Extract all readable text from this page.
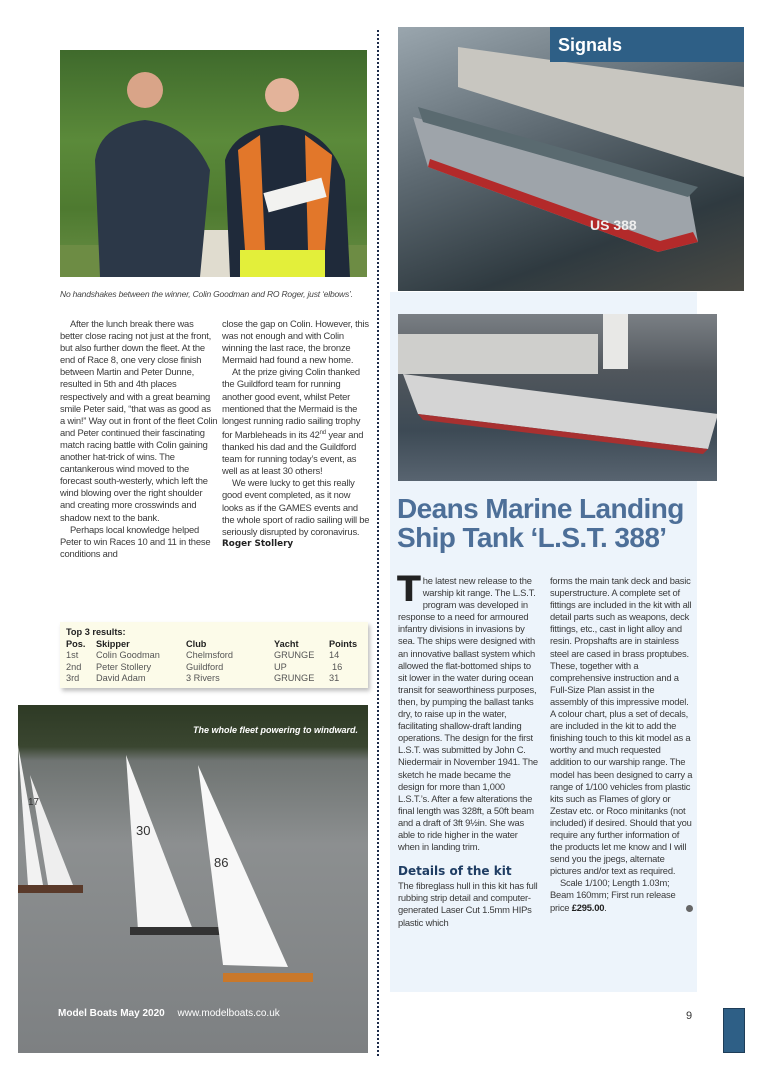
No handshakes between the winner, Colin Goodman and RO Roger, just ‘elbows’.

After the lunch break there was better close racing not just at the front, but also further down the fleet. At the end of Race 8, one very close finish between Martin and Peter Dunne, resulted in 5th and 4th places respectively and with a great beaming smile Peter said, “that was as good as a win!” Way out in front of the fleet Colin and Peter continued their fascinating match racing battle with Colin gaining another hat-trick of wins. The cantankerous wind moved to the forecast south-westerly, which left the wind blowing over the right shoulder and creating more crosswinds and shadow next to the bank.

Perhaps local knowledge helped Peter to win Races 10 and 11 in these conditions and

close the gap on Colin. However, this was not enough and with Colin winning the last race, the bronze Mermaid had found a new home.

At the prize giving Colin thanked the Guildford team for running another good event, whilst Peter mentioned that the Mermaid is the longest running radio sailing trophy for Marbleheads in its 42nd year and thanked his dad and the Guildford team for running today’s event, as well as at least 30 others!

We were lucky to get this really good event completed, as it now looks as if the GAMES events and the whole sport of radio sailing will be seriously disrupted by coronavirus.

Roger Stollery

Top 3 results:
Pos.	Skipper	Club	Yacht	Points
1st	Colin Goodman	Chelmsford	GRUNGE	14
2nd	Peter Stollery	Guildford	UP	16
3rd	David Adam	3 Rivers	GRUNGE	31
17
30
86
The whole fleet powering to windward.
Model Boats May 2020 www.modelboats.co.uk
US 388
Signals
Deans Marine Landing Ship Tank ‘L.S.T. 388’

The latest new release to the warship kit range. The L.S.T. program was developed in response to a need for armoured infantry divisions in invasions by sea. The ships were designed with an innovative ballast system which allowed the flat-bottomed ships to sit lower in the water during ocean transit for seaworthiness purposes, then, by pumping the ballast tanks dry, to raise up in the water, facilitating shallow-draft landing operations. The design for the first L.S.T. was submitted by John C. Niedermair in November 1941. The sketch he made became the design for more than 1,000 L.S.T.’s. After a few alterations the final length was 328ft, a 50ft beam and a draft of 3ft 9½in. She was able to ride higher in the water when in landing trim.

Details of the kit

The fibreglass hull in this kit has full rubbing strip detail and computer-generated Laser Cut 1.5mm HIPs plastic which

forms the main tank deck and basic superstructure. A complete set of fittings are included in the kit with all detail parts such as weapons, deck fittings, etc., cast in light alloy and resin. Propshafts are in stainless steel are cased in brass proptubes. These, together with a comprehensive instruction and a Full-Size Plan assist in the assembly of this impressive model. A colour chart, plus a set of decals, are included in the kit to add the finishing touch to this kit model as a worthy and much requested addition to our warship range. The model has been designed to carry a range of 1/100 vehicles from plastic kits such as Flames of glory or Zestav etc. or Roco minitanks (not included) if desired. Should that you require any further information of the products let me know and I will send you the jpegs, alternate pictures and/or text as required.

Scale 1/100; Length 1.03m; Beam 160mm; First run release price £295.00.

9
